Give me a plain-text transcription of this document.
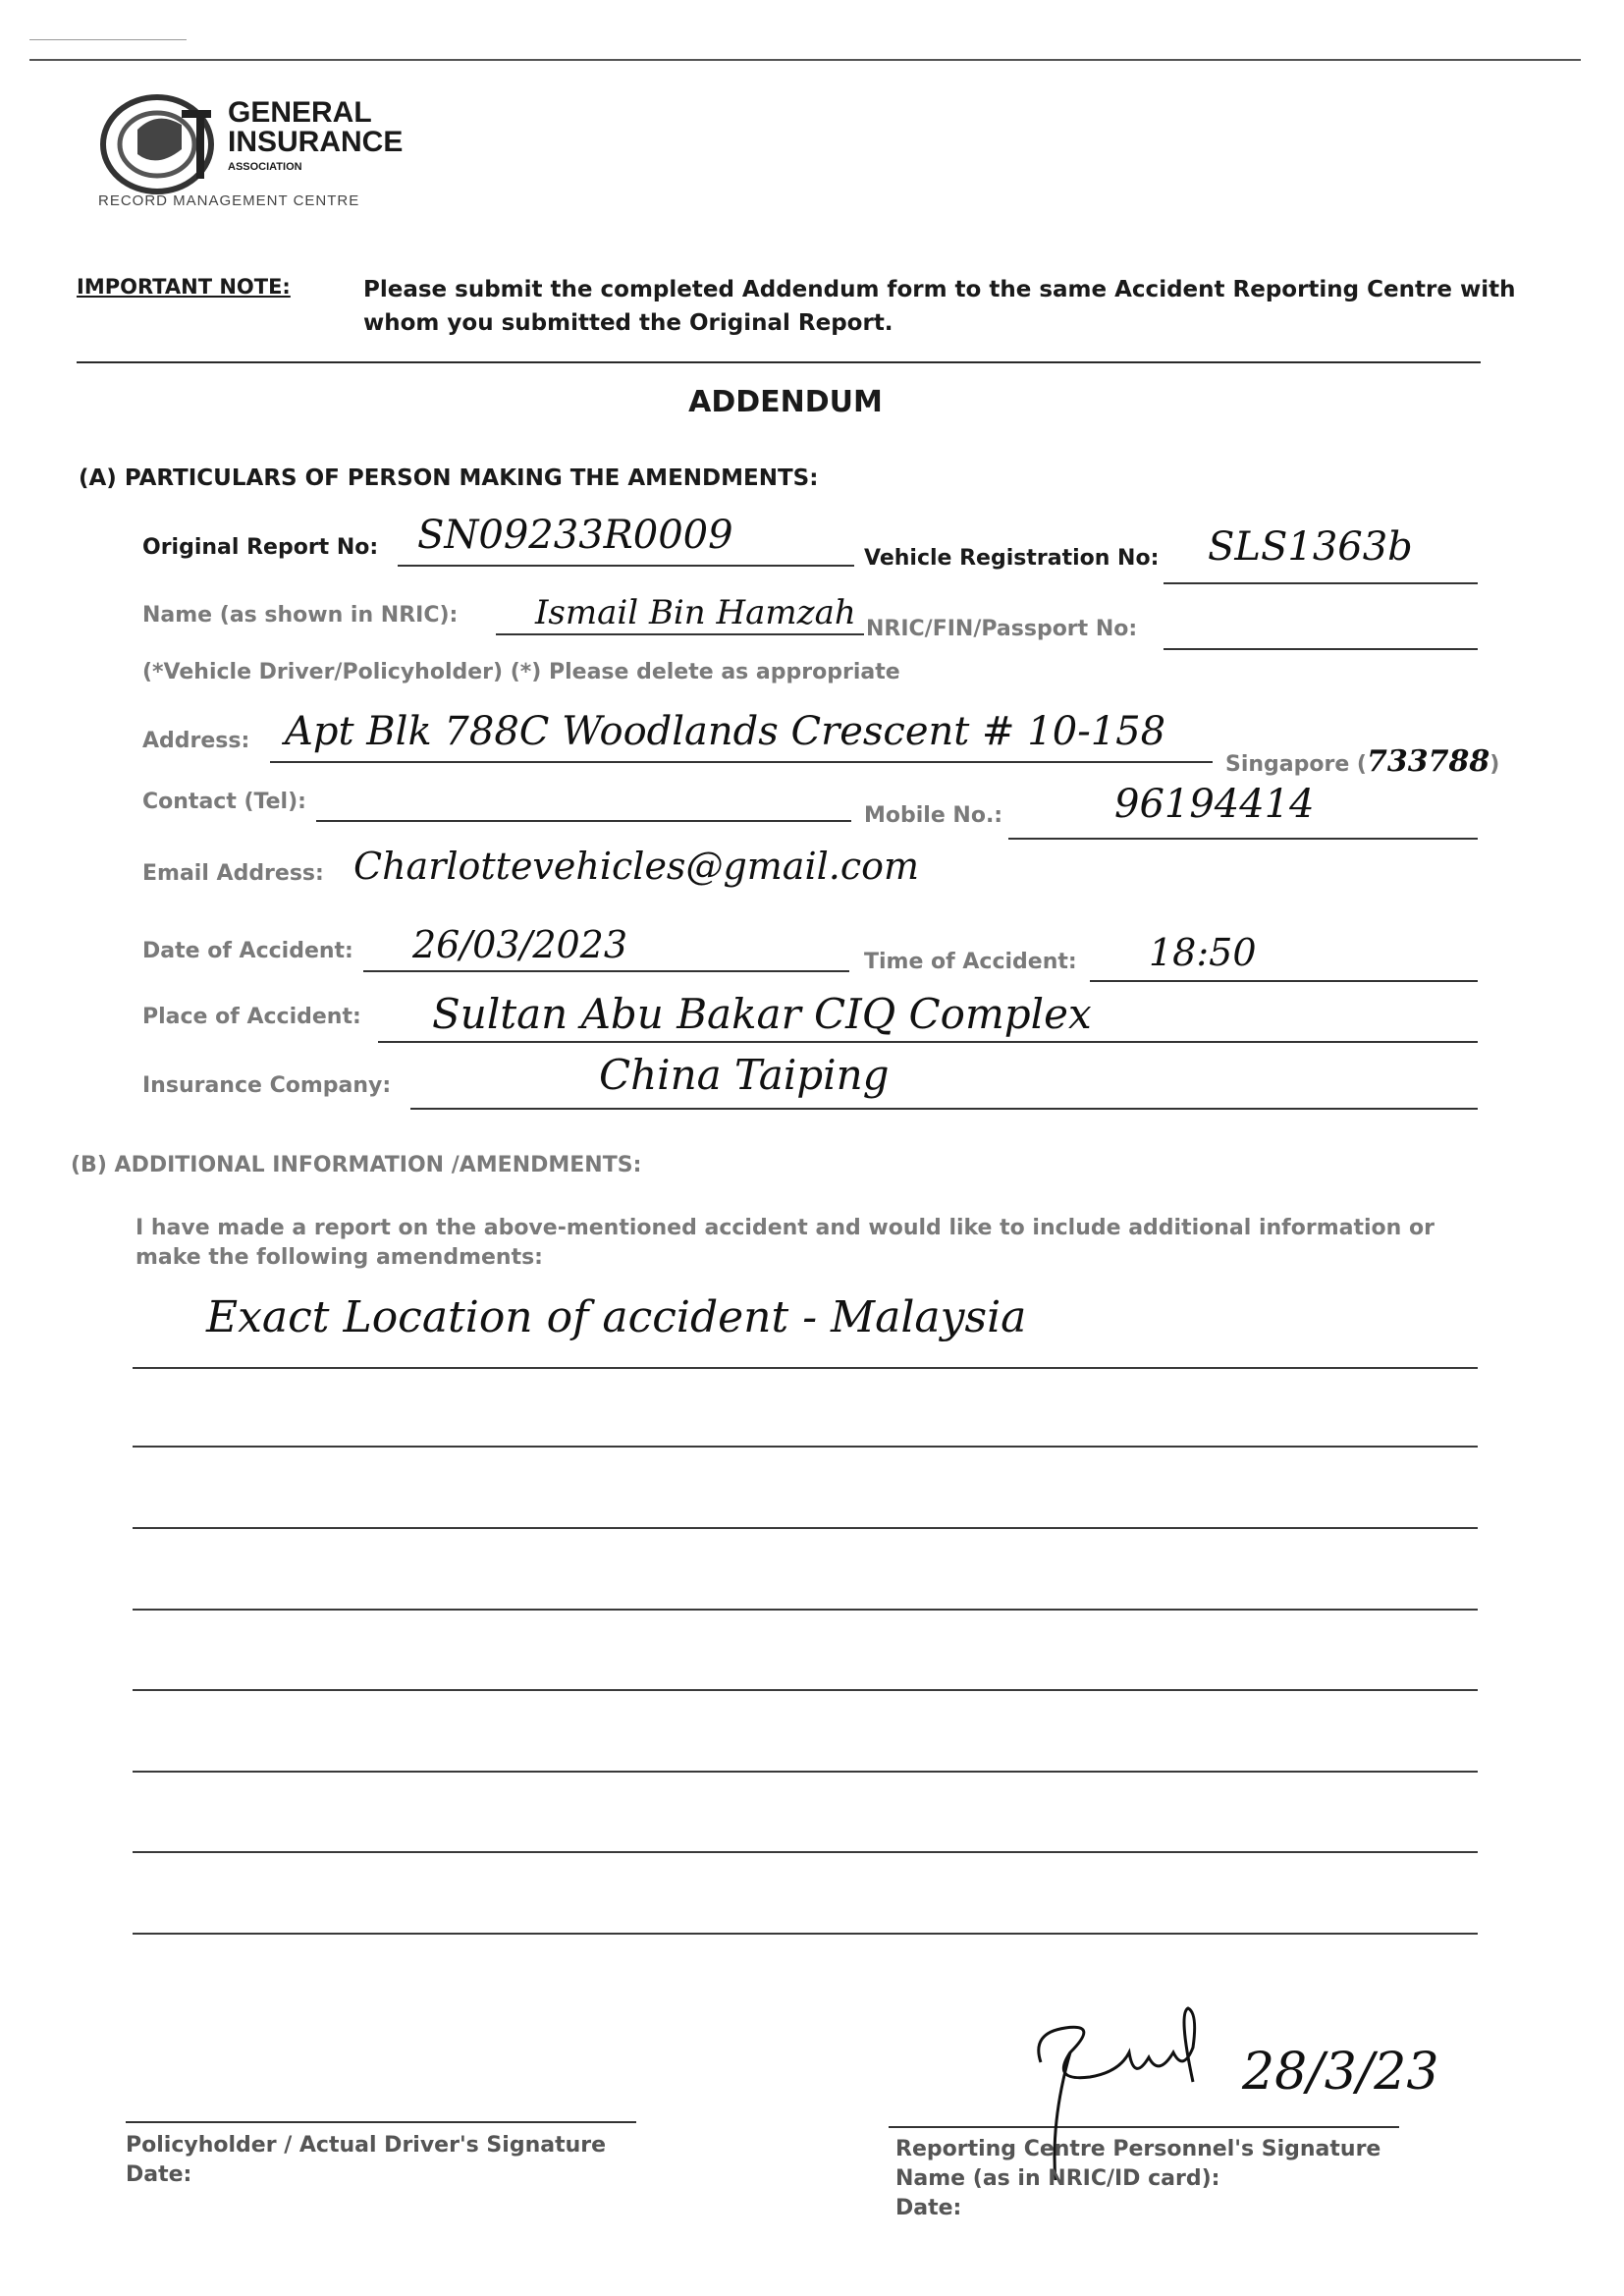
GENERAL
INSURANCE
ASSOCIATION
RECORD MANAGEMENT CENTRE
IMPORTANT NOTE:	Please submit the completed Addendum form to the same Accident Reporting Centre with
whom you submitted the Original Report.
ADDENDUM
(A) PARTICULARS OF PERSON MAKING THE AMENDMENTS:
Original Report No: SN09233R0009
Vehicle Registration No: SLS1363b
Name (as shown in NRIC): Ismail Bin Hamzah NRIC/FIN/Passport No:
(*Vehicle Driver/Policyholder) (*) Please delete as appropriate
Address: Apt Blk 788C Woodlands Crescent # 10-158
Singapore (733788)
Contact (Tel):
Mobile No.:	96194414
Email Address: Charlottevehicles@gmail.com
Date of Accident: 26/03/2023	Time of Accident: 18:50
Place of Accident: Sultan Abu Bakar CIQ Complex
Insurance Company:	China Taiping
(B) ADDITIONAL INFORMATION /AMENDMENTS:
I have made a report on the above-mentioned accident and would like to include additional information or
make the following amendments:
Exact Location of accident - Malaysia
Policyholder / Actual Driver's Signature
Date:
28/3/23
Reporting Centre Personnel's Signature
Name (as in NRIC/ID card):
Date:
